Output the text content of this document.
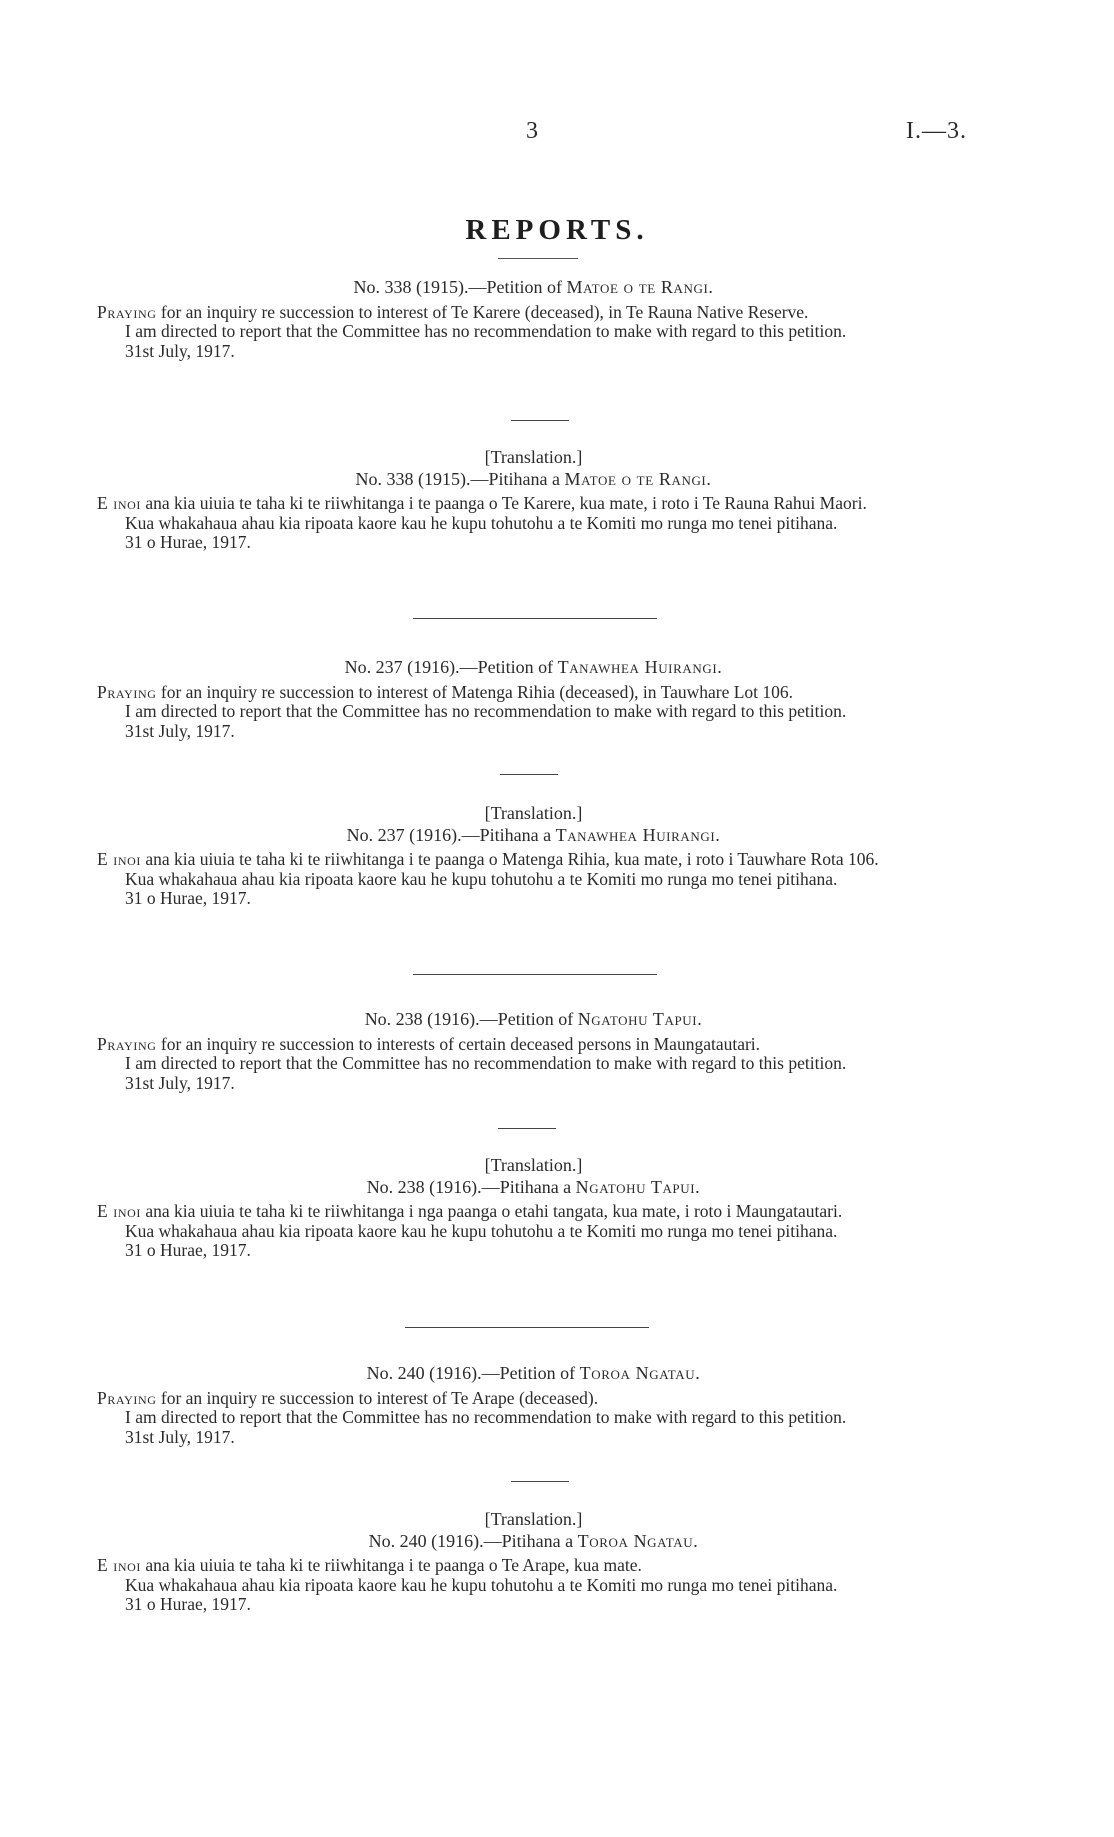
3	I.—3.
REPORTS.
No. 338 (1915).—Petition of Matoe o te Rangi.

Praying for an inquiry re succession to interest of Te Karere (deceased), in Te Rauna Native Reserve.

I am directed to report that the Committee has no recommendation to make with regard to this petition.

31st July, 1917.

[Translation.]
No. 338 (1915).—Pitihana a Matoe o te Rangi.

E inoi ana kia uiuia te taha ki te riiwhitanga i te paanga o Te Karere, kua mate, i roto i Te Rauna Rahui Maori.

Kua whakahaua ahau kia ripoata kaore kau he kupu tohutohu a te Komiti mo runga mo tenei pitihana.

31 o Hurae, 1917.

No. 237 (1916).—Petition of Tanawhea Huirangi.

Praying for an inquiry re succession to interest of Matenga Rihia (deceased), in Tauwhare Lot 106.

I am directed to report that the Committee has no recommendation to make with regard to this petition.

31st July, 1917.

[Translation.]
No. 237 (1916).—Pitihana a Tanawhea Huirangi.

E inoi ana kia uiuia te taha ki te riiwhitanga i te paanga o Matenga Rihia, kua mate, i roto i Tauwhare Rota 106.

Kua whakahaua ahau kia ripoata kaore kau he kupu tohutohu a te Komiti mo runga mo tenei pitihana.

31 o Hurae, 1917.

No. 238 (1916).—Petition of Ngatohu Tapui.

Praying for an inquiry re succession to interests of certain deceased persons in Maungatautari.

I am directed to report that the Committee has no recommendation to make with regard to this petition.

31st July, 1917.

[Translation.]
No. 238 (1916).—Pitihana a Ngatohu Tapui.

E inoi ana kia uiuia te taha ki te riiwhitanga i nga paanga o etahi tangata, kua mate, i roto i Maungatautari.

Kua whakahaua ahau kia ripoata kaore kau he kupu tohutohu a te Komiti mo runga mo tenei pitihana.

31 o Hurae, 1917.

No. 240 (1916).—Petition of Toroa Ngatau.

Praying for an inquiry re succession to interest of Te Arape (deceased).

I am directed to report that the Committee has no recommendation to make with regard to this petition.

31st July, 1917.

[Translation.]
No. 240 (1916).—Pitihana a Toroa Ngatau.

E inoi ana kia uiuia te taha ki te riiwhitanga i te paanga o Te Arape, kua mate.

Kua whakahaua ahau kia ripoata kaore kau he kupu tohutohu a te Komiti mo runga mo tenei pitihana.

31 o Hurae, 1917.
